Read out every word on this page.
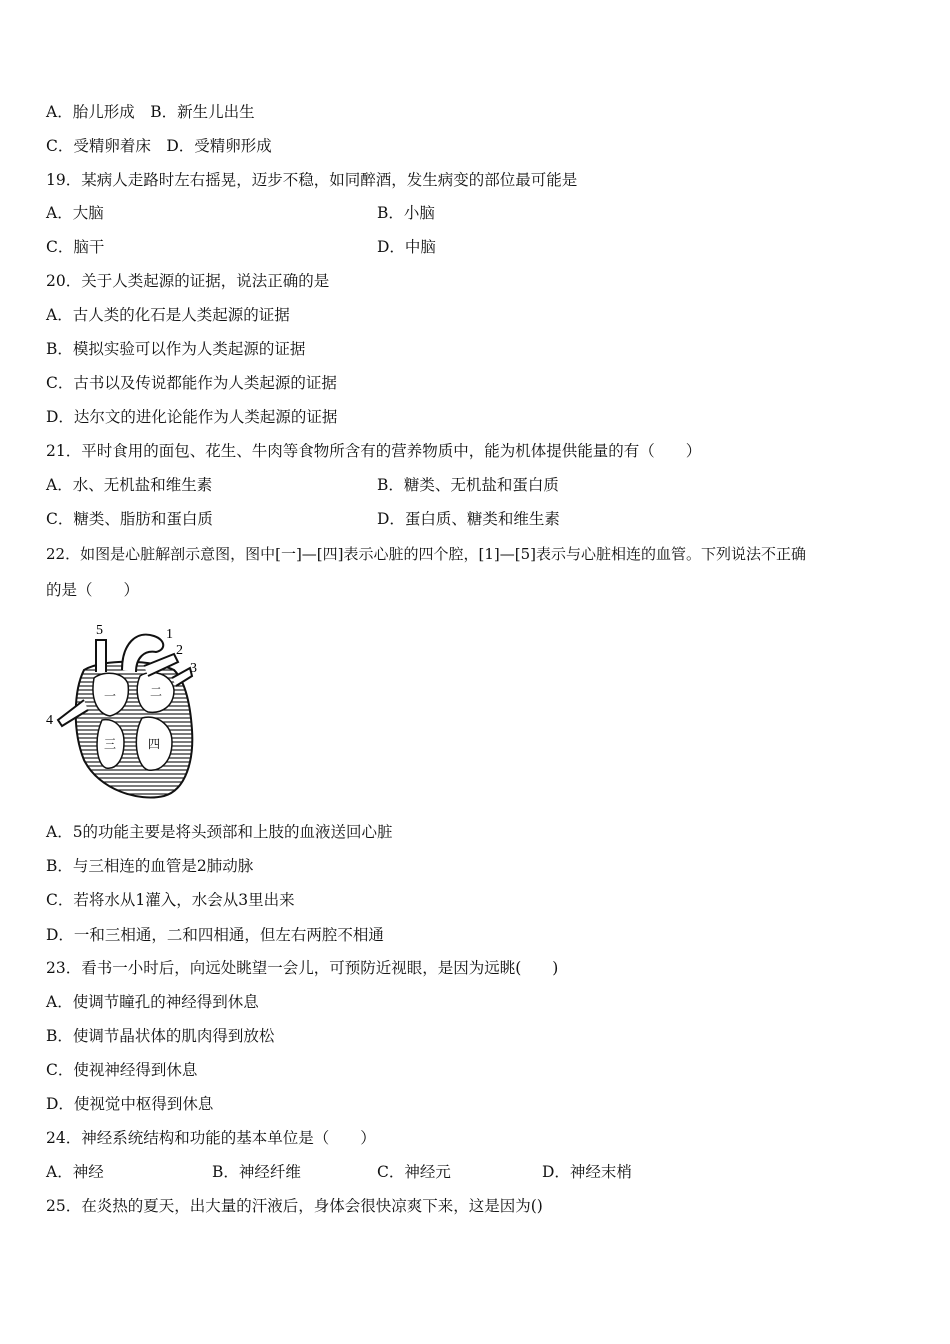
A．胎儿形成　B．新生儿出生
C．受精卵着床　D．受精卵形成
19．某病人走路时左右摇晃，迈步不稳，如同醉酒，发生病变的部位最可能是
A．大脑	B．小脑
C．脑干	D．中脑
20．关于人类起源的证据，说法正确的是
A．古人类的化石是人类起源的证据
B．模拟实验可以作为人类起源的证据
C．古书以及传说都能作为人类起源的证据
D．达尔文的进化论能作为人类起源的证据
21．平时食用的面包、花生、牛肉等食物所含有的营养物质中，能为机体提供能量的有（　　）
A．水、无机盐和维生素	B．糖类、无机盐和蛋白质
C．糖类、脂肪和蛋白质	D．蛋白质、糖类和维生素
22．如图是心脏解剖示意图，图中[一]—[四]表示心脏的四个腔，[1]—[5]表示与心脏相连的血管。下列说法不正确
的是（　　）
5	1
2
3
4
一	二
三	四
A．5的功能主要是将头颈部和上肢的血液送回心脏
B．与三相连的血管是2肺动脉
C．若将水从1灌入，水会从3里出来
D．一和三相通，二和四相通，但左右两腔不相通
23．看书一小时后，向远处眺望一会儿，可预防近视眼，是因为远眺(　　)
A．使调节瞳孔的神经得到休息
B．使调节晶状体的肌肉得到放松
C．使视神经得到休息
D．使视觉中枢得到休息
24．神经系统结构和功能的基本单位是（　　）
A．神经	B．神经纤维	C．神经元	D．神经末梢
25．在炎热的夏天，出大量的汗液后，身体会很快凉爽下来，这是因为()
